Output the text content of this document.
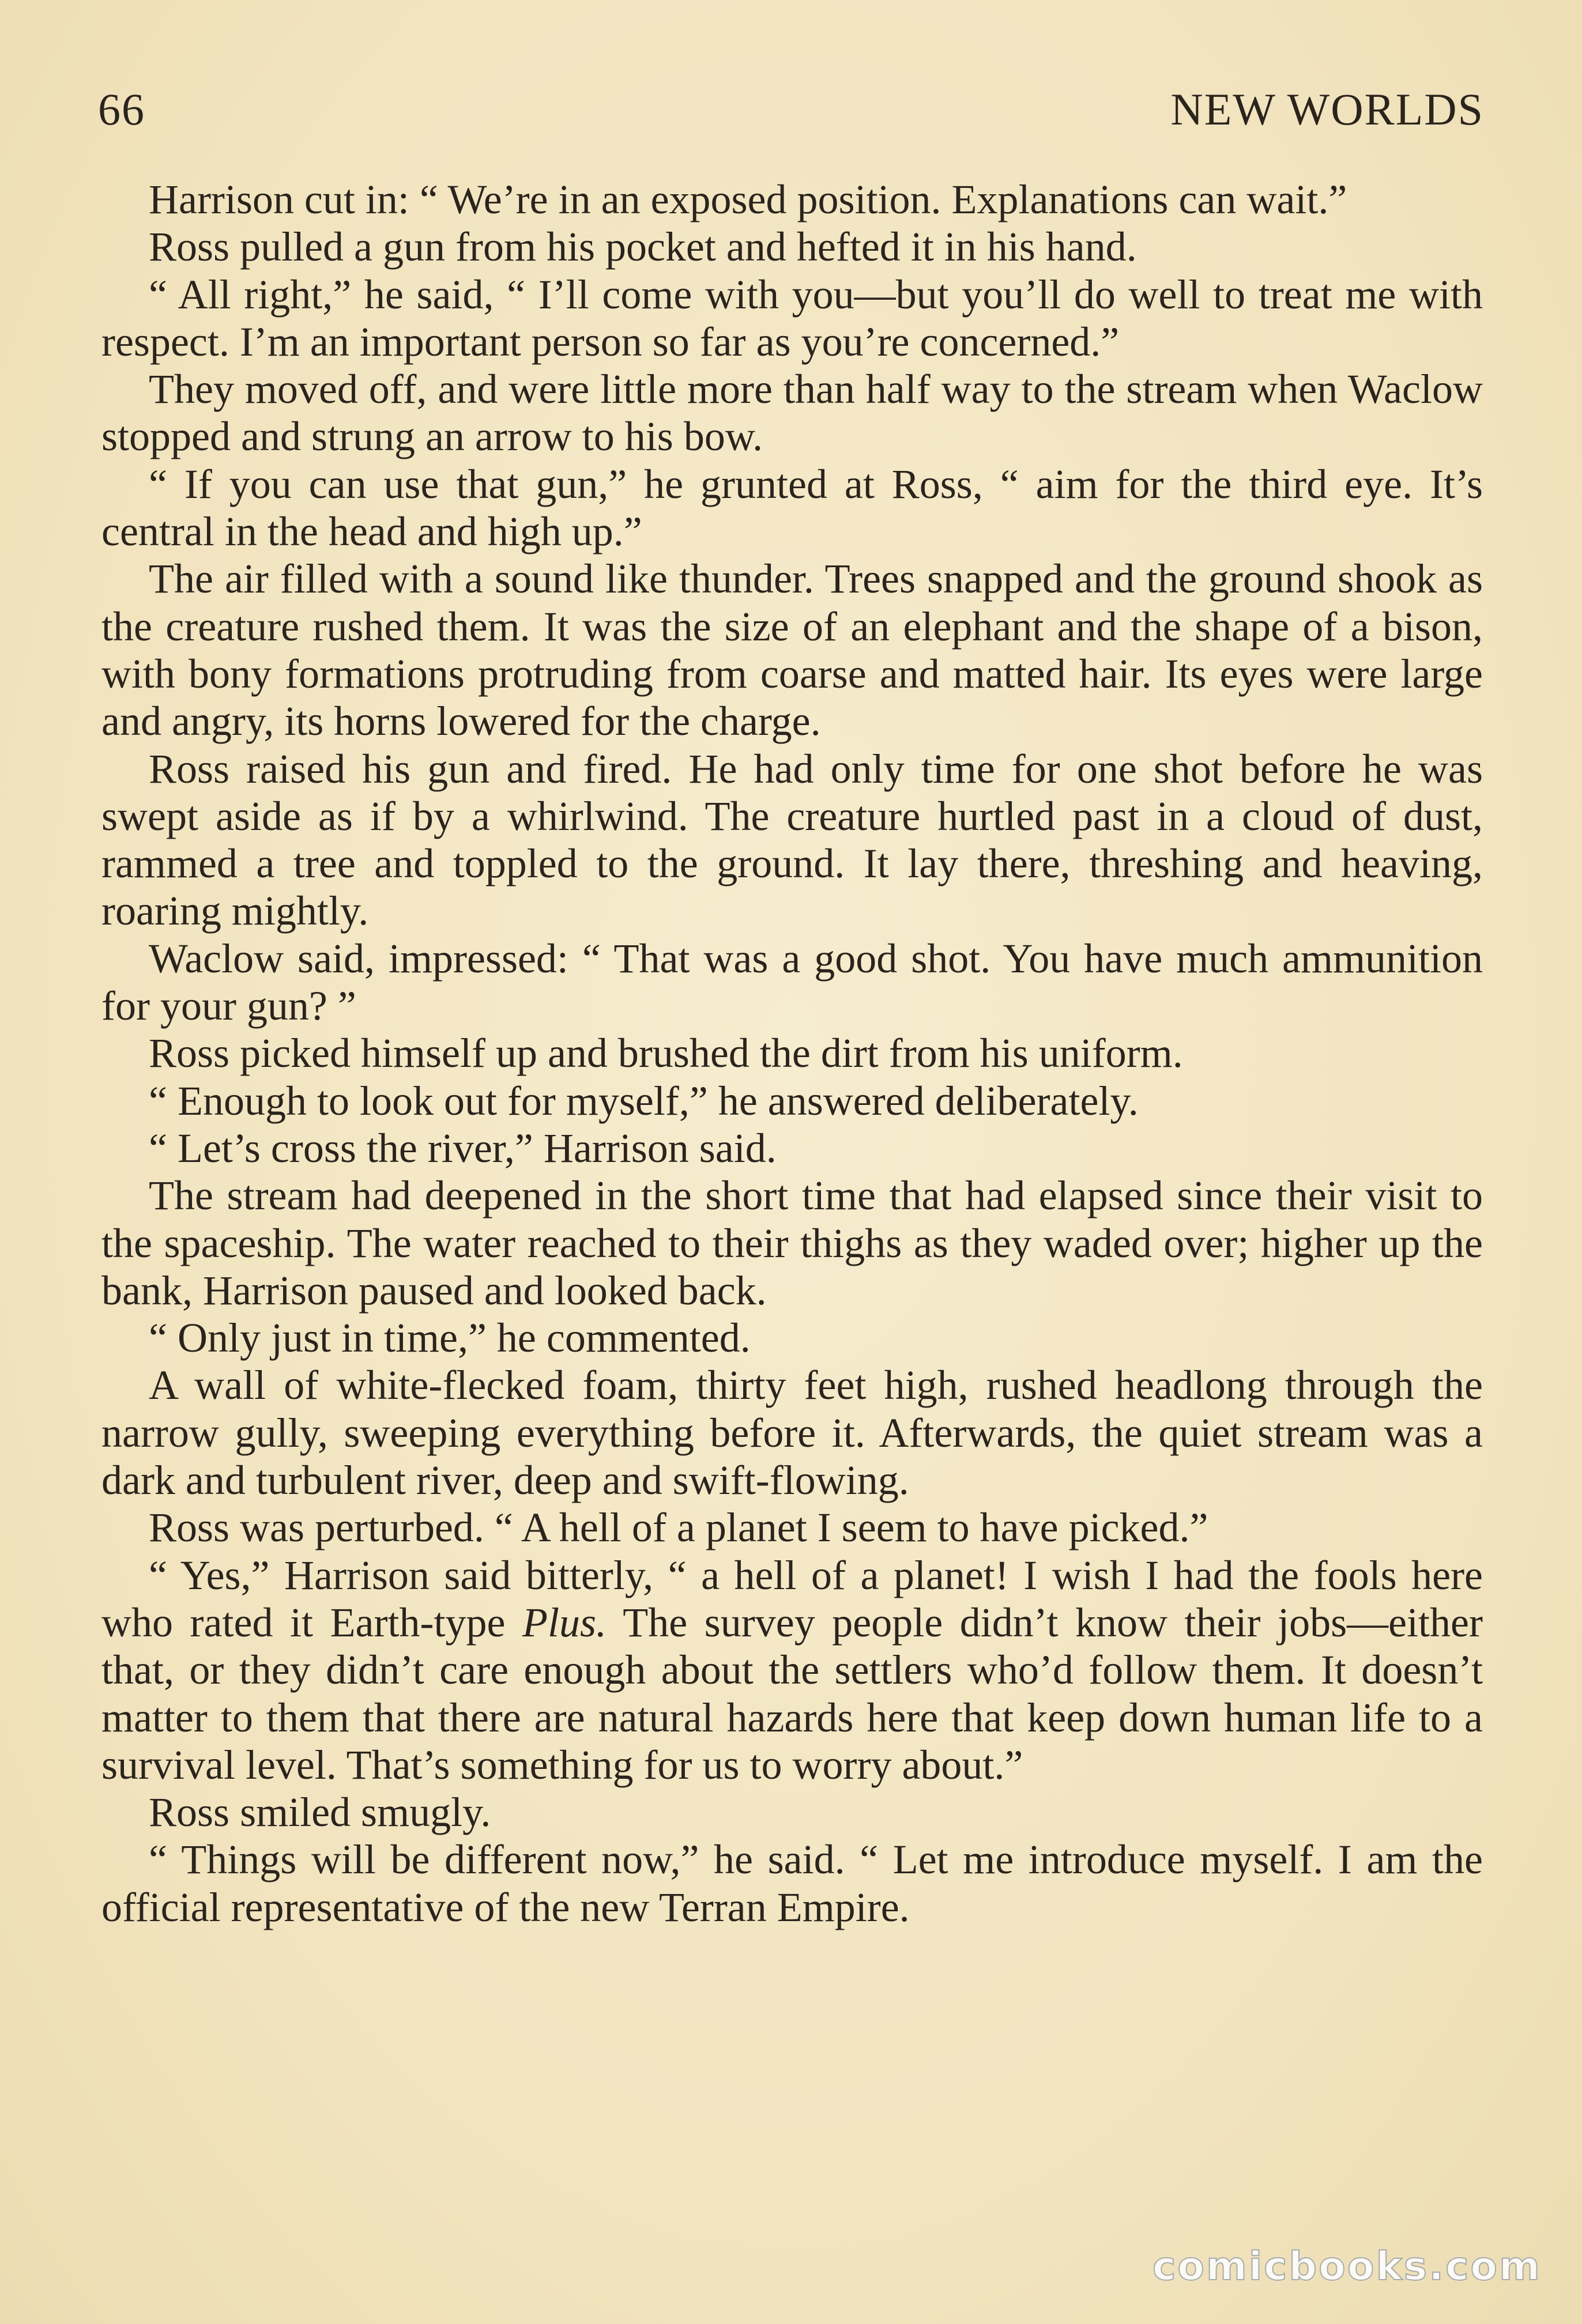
66	NEW WORLDS

Harrison cut in: “ We’re in an exposed position. Explanations can wait.”

Ross pulled a gun from his pocket and hefted it in his hand.

“ All right,” he said, “ I’ll come with you—but you’ll do well to treat me with respect. I’m an important person so far as you’re concerned.”

They moved off, and were little more than half way to the stream when Waclow stopped and strung an arrow to his bow.

“ If you can use that gun,” he grunted at Ross, “ aim for the third eye. It’s central in the head and high up.”

The air filled with a sound like thunder. Trees snapped and the ground shook as the creature rushed them. It was the size of an elephant and the shape of a bison, with bony formations protruding from coarse and matted hair. Its eyes were large and angry, its horns lowered for the charge.

Ross raised his gun and fired. He had only time for one shot before he was swept aside as if by a whirlwind. The creature hurtled past in a cloud of dust, rammed a tree and toppled to the ground. It lay there, threshing and heaving, roaring mightly.

Waclow said, impressed: “ That was a good shot. You have much ammunition for your gun? ”

Ross picked himself up and brushed the dirt from his uniform.

“ Enough to look out for myself,” he answered deliberately.

“ Let’s cross the river,” Harrison said.

The stream had deepened in the short time that had elapsed since their visit to the spaceship. The water reached to their thighs as they waded over; higher up the bank, Harrison paused and looked back.

“ Only just in time,” he commented.

A wall of white-flecked foam, thirty feet high, rushed headlong through the narrow gully, sweeping everything before it. Afterwards, the quiet stream was a dark and turbulent river, deep and swift-flowing.

Ross was perturbed. “ A hell of a planet I seem to have picked.”

“ Yes,” Harrison said bitterly, “ a hell of a planet! I wish I had the fools here who rated it Earth-type Plus. The survey people didn’t know their jobs—either that, or they didn’t care enough about the settlers who’d follow them. It doesn’t matter to them that there are natural hazards here that keep down human life to a survival level. That’s something for us to worry about.”

Ross smiled smugly.

“ Things will be different now,” he said. “ Let me introduce myself. I am the official representative of the new Terran Empire.

comicbooks.com
